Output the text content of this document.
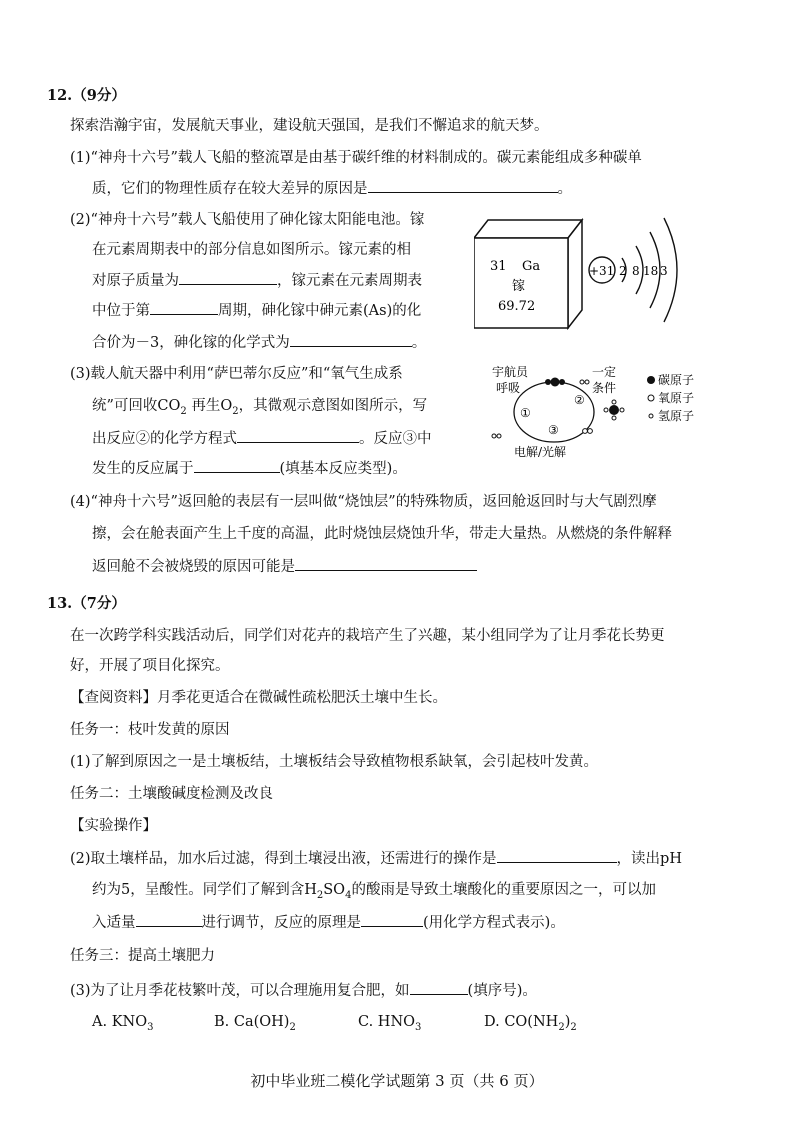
12.（9分）
探索浩瀚宇宙，发展航天事业，建设航天强国，是我们不懈追求的航天梦。
(1)“神舟十六号”载人飞船的整流罩是由基于碳纤维的材料制成的。碳元素能组成多种碳单
质，它们的物理性质存在较大差异的原因是	。
(2)“神舟十六号”载人飞船使用了砷化镓太阳能电池。镓
在元素周期表中的部分信息如图所示。镓元素的相
对原子质量为	，镓元素在元素周期表
中位于第	周期，砷化镓中砷元素(As)的化
合价为－3，砷化镓的化学式为	。
31 Ga
镓
69.72
+31 2 8 18 3
(3)载人航天器中利用“萨巴蒂尔反应”和“氧气生成系
统”可回收$CO_2$ 再生$O_2$，其微观示意图如图所示，写
出反应②的化学方程式	。反应③中
发生的反应属于	(填基本反应类型)。
宇航员
呼吸
一定
条件
①
②
③
电解/光解
碳原子
氧原子
氢原子
(4)“神舟十六号”返回舱的表层有一层叫做“烧蚀层”的特殊物质，返回舱返回时与大气剧烈摩
擦，会在舱表面产生上千度的高温，此时烧蚀层烧蚀升华，带走大量热。从燃烧的条件解释
返回舱不会被烧毁的原因可能是
13.（7分）
在一次跨学科实践活动后，同学们对花卉的栽培产生了兴趣，某小组同学为了让月季花长势更
好，开展了项目化探究。
【查阅资料】月季花更适合在微碱性疏松肥沃土壤中生长。
任务一：枝叶发黄的原因
(1)了解到原因之一是土壤板结，土壤板结会导致植物根系缺氧，会引起枝叶发黄。
任务二：土壤酸碱度检测及改良
【实验操作】
(2)取土壤样品，加水后过滤，得到土壤浸出液，还需进行的操作是	，读出pH
约为5，呈酸性。同学们了解到含$H_2SO_4$的酸雨是导致土壤酸化的重要原因之一，可以加
入适量	进行调节，反应的原理是	(用化学方程式表示)。
任务三：提高土壤肥力
(3)为了让月季花枝繁叶茂，可以合理施用复合肥，如	(填序号)。
A. $KNO_3$	B. $Ca(OH)_2$	C. $HNO_3$	D. $CO(NH_2)_2$
初中毕业班二模化学试题第 3 页（共 6 页）
